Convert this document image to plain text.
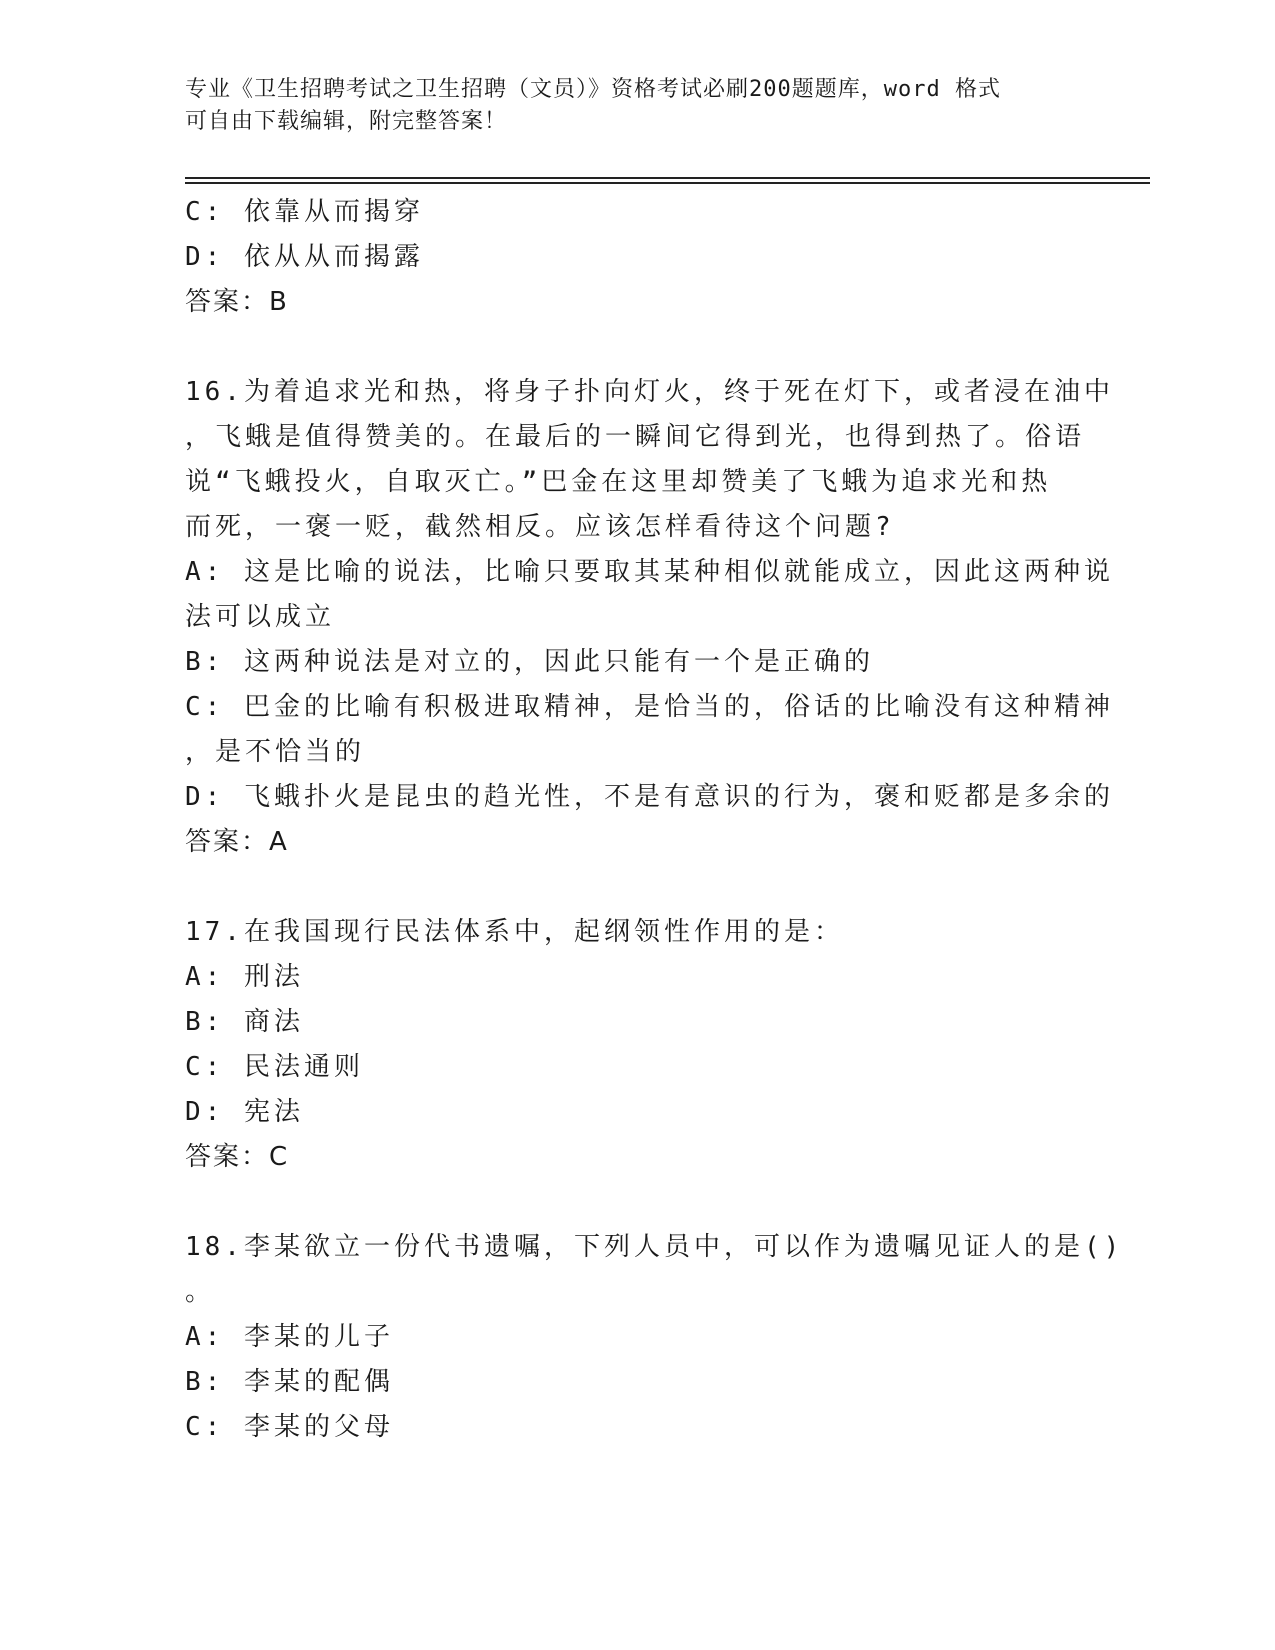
专业《卫生招聘考试之卫生招聘（文员）》资格考试必刷200题题库，word 格式
可自由下载编辑，附完整答案！
C: 依靠从而揭穿
D: 依从从而揭露
答案：B
16.为着追求光和热，将身子扑向灯火，终于死在灯下，或者浸在油中
，飞蛾是值得赞美的。在最后的一瞬间它得到光，也得到热了。俗语
说“飞蛾投火，自取灭亡。”巴金在这里却赞美了飞蛾为追求光和热
而死，一褒一贬，截然相反。应该怎样看待这个问题?
A: 这是比喻的说法，比喻只要取其某种相似就能成立，因此这两种说
法可以成立
B: 这两种说法是对立的，因此只能有一个是正确的
C: 巴金的比喻有积极进取精神，是恰当的，俗话的比喻没有这种精神
，是不恰当的
D: 飞蛾扑火是昆虫的趋光性，不是有意识的行为，褒和贬都是多余的
答案：A
17.在我国现行民法体系中，起纲领性作用的是：
A: 刑法
B: 商法
C: 民法通则
D: 宪法
答案：C
18.李某欲立一份代书遗嘱，下列人员中，可以作为遗嘱见证人的是()
。
A: 李某的儿子
B: 李某的配偶
C: 李某的父母
